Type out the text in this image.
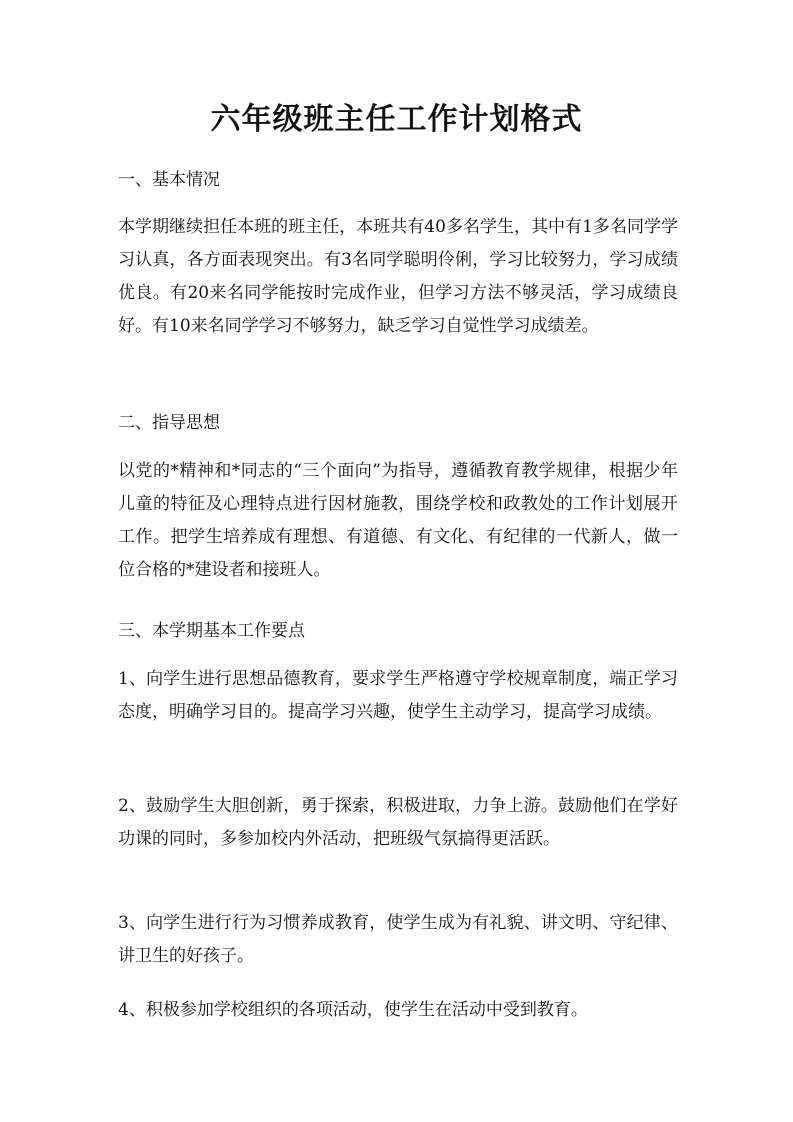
六年级班主任工作计划格式

一、基本情况

本学期继续担任本班的班主任，本班共有40多名学生，其中有1多名同学学习认真，各方面表现突出。有3名同学聪明伶俐，学习比较努力，学习成绩优良。有20来名同学能按时完成作业，但学习方法不够灵活，学习成绩良好。有10来名同学学习不够努力，缺乏学习自觉性学习成绩差。

二、指导思想

以党的*精神和*同志的“三个面向”为指导，遵循教育教学规律，根据少年儿童的特征及心理特点进行因材施教，围绕学校和政教处的工作计划展开工作。把学生培养成有理想、有道德、有文化、有纪律的一代新人，做一位合格的*建设者和接班人。

三、本学期基本工作要点

1、向学生进行思想品德教育，要求学生严格遵守学校规章制度，端正学习态度，明确学习目的。提高学习兴趣，使学生主动学习，提高学习成绩。

2、鼓励学生大胆创新，勇于探索，积极进取，力争上游。鼓励他们在学好功课的同时，多参加校内外活动，把班级气氛搞得更活跃。

3、向学生进行行为习惯养成教育，使学生成为有礼貌、讲文明、守纪律、讲卫生的好孩子。

4、积极参加学校组织的各项活动，使学生在活动中受到教育。
